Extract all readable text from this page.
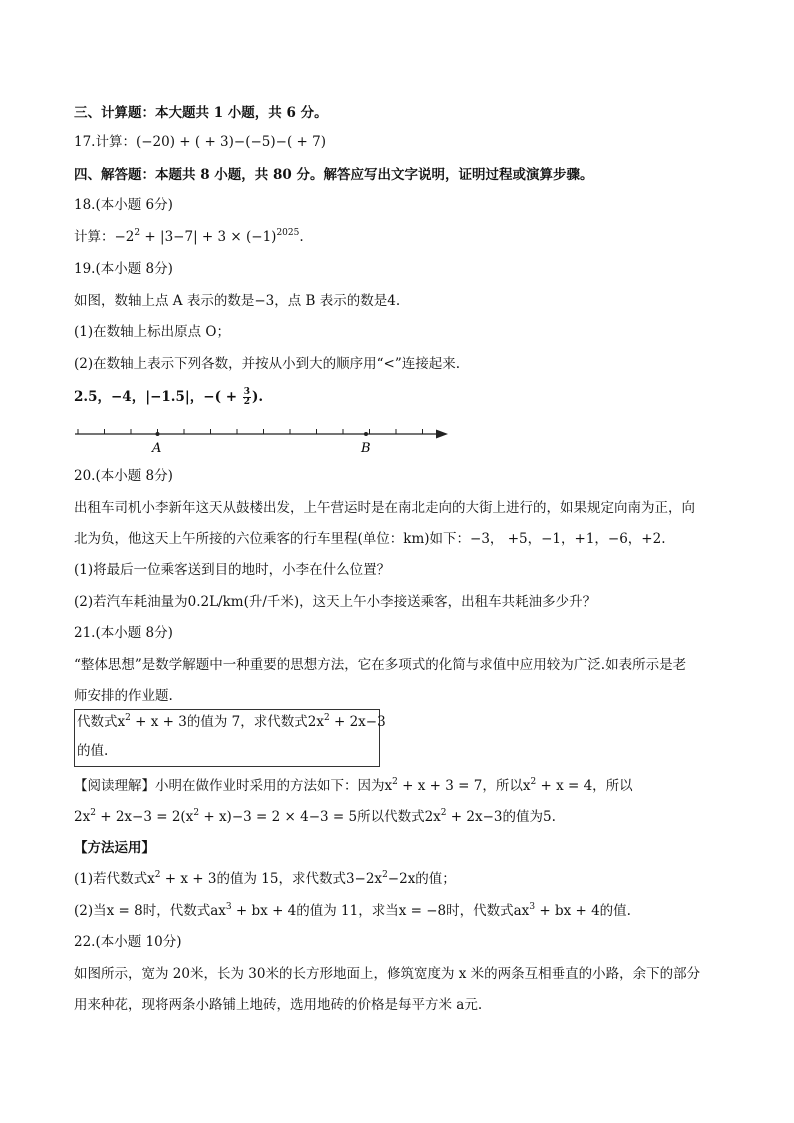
三、计算题：本大题共 1 小题，共 6 分。
17.计算：(−20) + ( + 3)−(−5)−( + 7)
四、解答题：本题共 8 小题，共 80 分。解答应写出文字说明，证明过程或演算步骤。
18.(本小题 6分)
计算：$-2^2 + |3-7| + 3 \times (-1)^{2025}$.
19.(本小题 8分)
如图，数轴上点 A 表示的数是−3，点 B 表示的数是4.
(1)在数轴上标出原点 O；
(2)在数轴上表示下列各数，并按从小到大的顺序用“<”连接起来.
2.5，−4，|−1.5|，−( + $\frac{3}{2}$ ).
A	B
20.(本小题 8分)
出租车司机小李新年这天从鼓楼出发，上午营运时是在南北走向的大街上进行的，如果规定向南为正，向
北为负，他这天上午所接的六位乘客的行车里程(单位：km)如下：−3， +5，−1，+1，−6，+2.
(1)将最后一位乘客送到目的地时，小李在什么位置？
(2)若汽车耗油量为0.2L/km(升/千米)，这天上午小李接送乘客，出租车共耗油多少升？
21.(本小题 8分)
“整体思想”是数学解题中一种重要的思想方法，它在多项式的化简与求值中应用较为广泛.如表所示是老
师安排的作业题.
代数式$x^2 + x + 3$的值为 7，求代数式$2x^2 + 2x-3$
的值.
【阅读理解】小明在做作业时采用的方法如下：因为$x^2 + x + 3 = 7$，所以$x^2 + x = 4$，所以
$2x^2 + 2x-3 = 2(x^2 + x)-3 = 2 \times 4-3 = 5$所以代数式$2x^2 + 2x-3$的值为5.
【方法运用】
(1)若代数式$x^2 + x + 3$的值为 15，求代数式$3-2x^2-2x$的值；
(2)当x = 8时，代数式$ax^3$ + bx + 4的值为 11，求当x = −8时，代数式$ax^3$ + bx + 4的值.
22.(本小题 10分)
如图所示，宽为 20米，长为 30米的长方形地面上，修筑宽度为 x 米的两条互相垂直的小路，余下的部分
用来种花，现将两条小路铺上地砖，选用地砖的价格是每平方米 a元.
